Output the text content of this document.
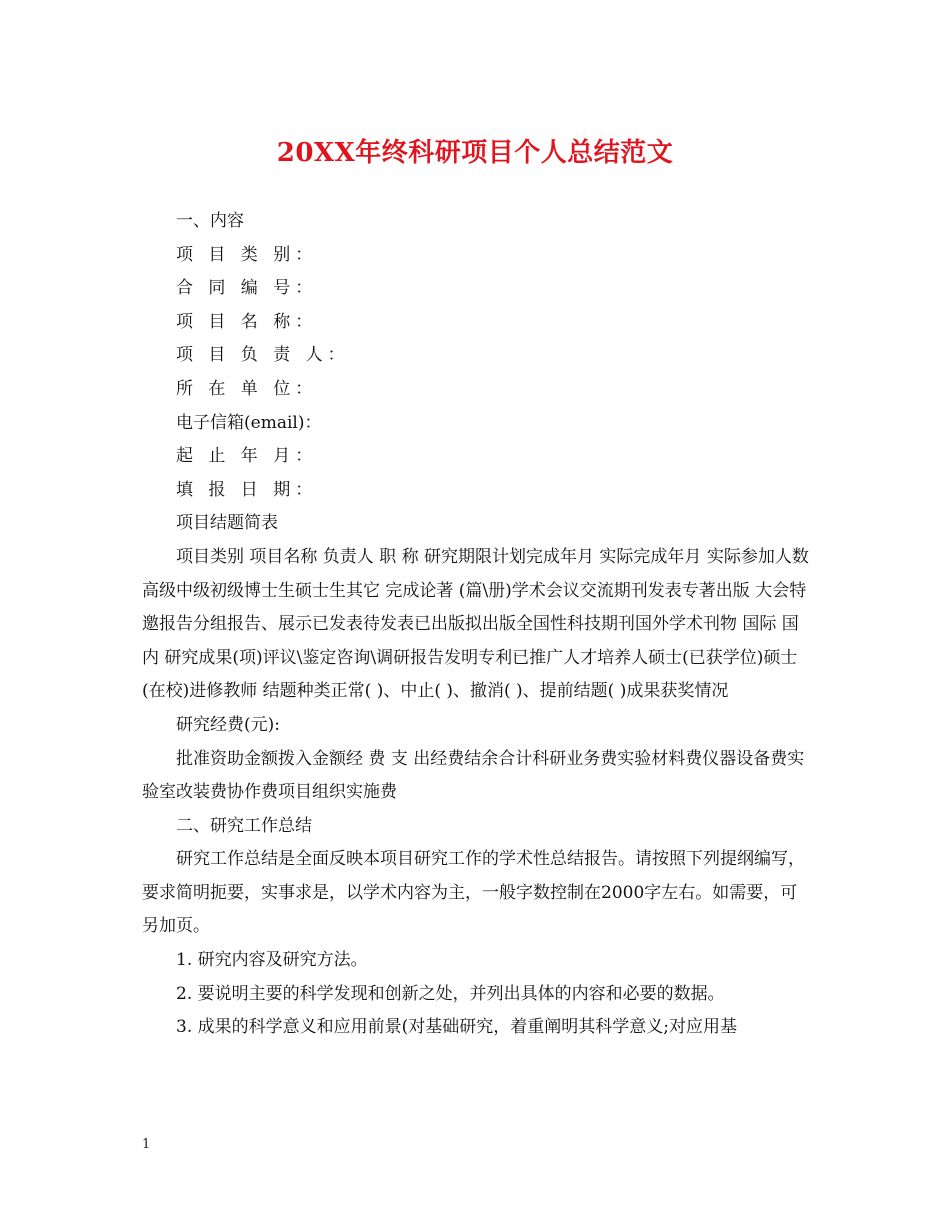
20XX年终科研项目个人总结范文

一、内容

项 目 类 别：

合 同 编 号：

项 目 名 称：

项 目 负 责 人：

所 在 单 位：

电子信箱(email)：

起 止 年 月：

填 报 日 期：

项目结题简表

项目类别 项目名称 负责人 职 称 研究期限计划完成年月 实际完成年月 实际参加人数高级中级初级博士生硕士生其它 完成论著 (篇\册)学术会议交流期刊发表专著出版 大会特邀报告分组报告、展示已发表待发表已出版拟出版全国性科技期刊国外学术刊物 国际 国内 研究成果(项)评议\鉴定咨询\调研报告发明专利已推广人才培养人硕士(已获学位)硕士(在校)进修教师 结题种类正常( )、中止( )、撤消( )、提前结题( )成果获奖情况

研究经费(元):

批准资助金额拨入金额经 费 支 出经费结余合计科研业务费实验材料费仪器设备费实验室改装费协作费项目组织实施费

二、研究工作总结

研究工作总结是全面反映本项目研究工作的学术性总结报告。请按照下列提纲编写，要求简明扼要，实事求是，以学术内容为主，一般字数控制在2000字左右。如需要，可另加页。

1. 研究内容及研究方法。

2. 要说明主要的科学发现和创新之处，并列出具体的内容和必要的数据。

3. 成果的科学意义和应用前景(对基础研究，着重阐明其科学意义;对应用基

1
